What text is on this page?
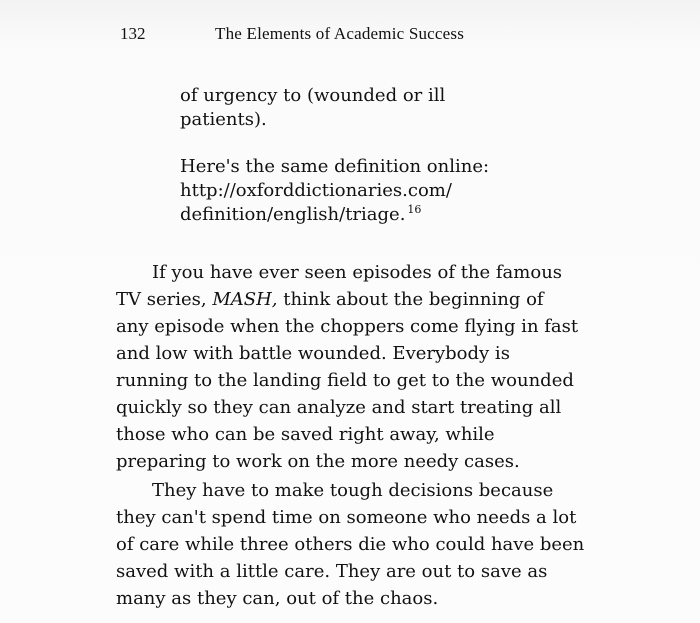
132	The Elements of Academic Success

of urgency to (wounded or ill
patients).

Here's the same definition online:
http://oxforddictionaries.com/
definition/english/triage. $^{16}$

If you have ever seen episodes of the famous
TV series, MASH, think about the beginning of
any episode when the choppers come flying in fast
and low with battle wounded. Everybody is
running to the landing field to get to the wounded
quickly so they can analyze and start treating all
those who can be saved right away, while
preparing to work on the more needy cases.

They have to make tough decisions because
they can't spend time on someone who needs a lot
of care while three others die who could have been
saved with a little care. They are out to save as
many as they can, out of the chaos.
